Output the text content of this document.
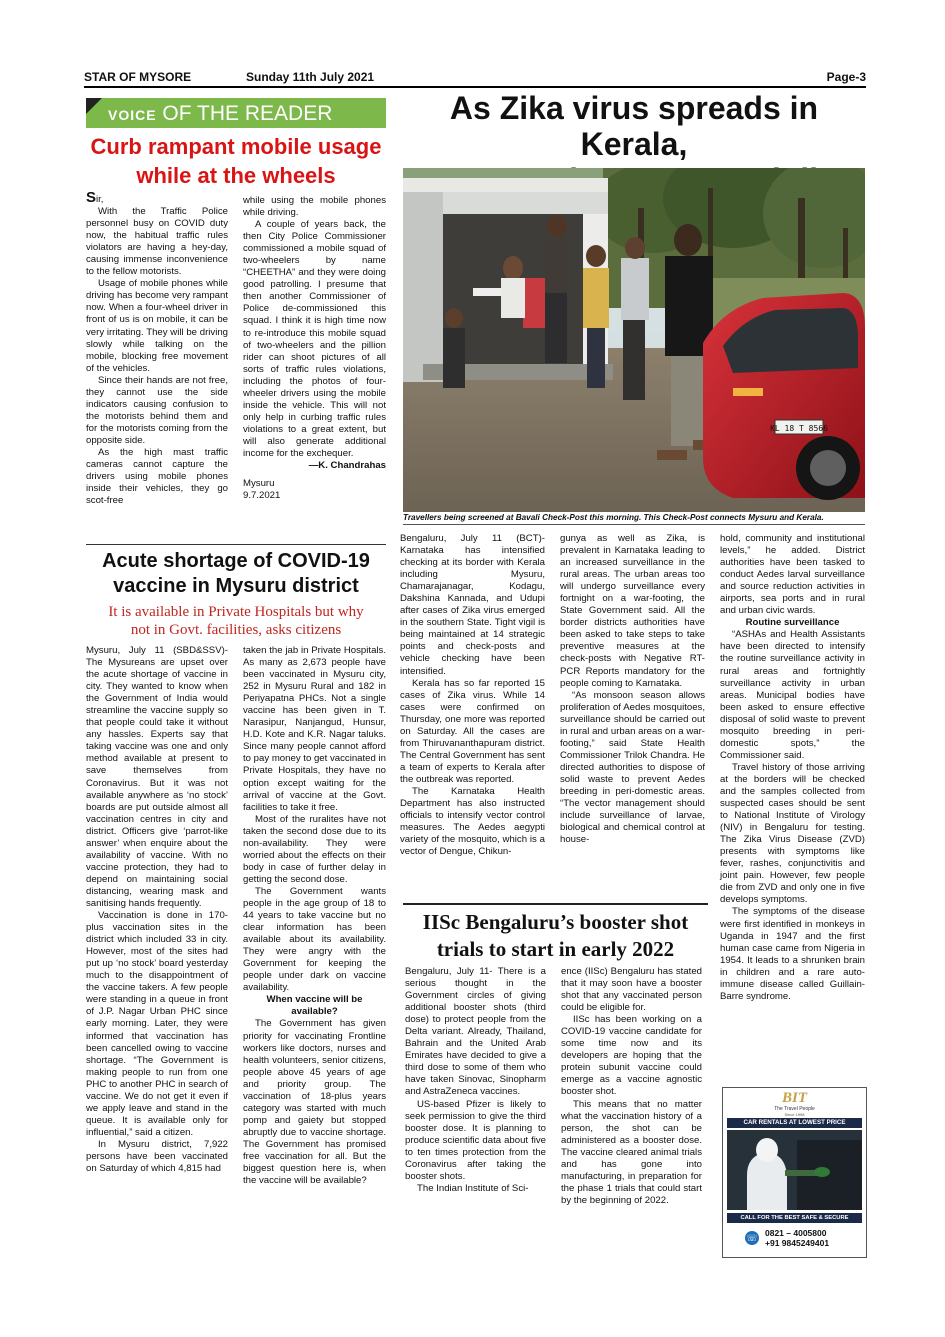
STAR OF MYSORE	Sunday 11th July 2021	Page-3
VOICE OF THE READER
Curb rampant mobile usage
while at the wheels

Sir,

With the Traffic Police personnel busy on COVID duty now, the habitual traffic rules violators are having a hey-day, causing immense inconvenience to the fellow motorists.

Usage of mobile phones while driving has become very rampant now. When a four-wheel driver in front of us is on mobile, it can be very irritating. They will be driving slowly while talking on the mobile, blocking free movement of the vehicles.

Since their hands are not free, they cannot use the side indicators causing confusion to the motorists behind them and for the motorists coming from the opposite side.

As the high mast traffic cameras cannot capture the drivers using mobile phones inside their vehicles, they go scot-free

while using the mobile phones while driving.

A couple of years back, the then City Police Commissioner commissioned a mobile squad of two-wheelers by name “CHEETHA” and they were doing good patrolling. I presume that then another Commissioner of Police de-commissioned this squad. I think it is high time now to re-introduce this mobile squad of two-wheelers and the pillion rider can shoot pictures of all sorts of traffic rules violations, including the photos of four-wheeler drivers using the mobile inside the vehicle. This will not only help in curbing traffic rules violations to a great extent, but will also generate additional income for the exchequer.

—K. Chandrahas

Mysuru

9.7.2021

Acute shortage of COVID-19
vaccine in Mysuru district
It is available in Private Hospitals but why
not in Govt. facilities, asks citizens

Mysuru, July 11 (SBD&SSV)- The Mysureans are upset over the acute shortage of vaccine in city. They wanted to know when the Government of India would streamline the vaccine supply so that people could take it without any hassles. Experts say that taking vaccine was one and only method available at present to save themselves from Coronavirus. But it was not available anywhere as ‘no stock’ boards are put outside almost all vaccination centres in city and district. Officers give ‘parrot-like answer’ when enquire about the availability of vaccine. With no vaccine protection, they had to depend on maintaining social distancing, wearing mask and sanitising hands frequently.

Vaccination is done in 170-plus vaccination sites in the district which included 33 in city. However, most of the sites had put up ‘no stock’ board yesterday much to the disappointment of the vaccine takers. A few people were standing in a queue in front of J.P. Nagar Urban PHC since early morning. Later, they were informed that vaccination has been cancelled owing to vaccine shortage. “The Government is making people to run from one PHC to another PHC in search of vaccine. We do not get it even if we apply leave and stand in the queue. It is available only for influential,” said a citizen.

In Mysuru district, 7,922 persons have been vaccinated on Saturday of which 4,815 had

taken the jab in Private Hospitals. As many as 2,673 people have been vaccinated in Mysuru city, 252 in Mysuru Rural and 182 in Periyapatna PHCs. Not a single vaccine has been given in T. Narasipur, Nanjangud, Hunsur, H.D. Kote and K.R. Nagar taluks. Since many people cannot afford to pay money to get vaccinated in Private Hospitals, they have no option except waiting for the arrival of vaccine at the Govt. facilities to take it free.

Most of the ruralites have not taken the second dose due to its non-availability. They were worried about the effects on their body in case of further delay in getting the second dose.

The Government wants people in the age group of 18 to 44 years to take vaccine but no clear information has been available about its availability. They were angry with the Government for keeping the people under dark on vaccine availability.

When vaccine will be available?

The Government has given priority for vaccinating Frontline workers like doctors, nurses and health volunteers, senior citizens, people above 45 years of age and priority group. The vaccination of 18-plus years category was started with much pomp and gaiety but stopped abruptly due to vaccine shortage. The Government has promised free vaccination for all. But the biggest question here is, when the vaccine will be available?

As Zika virus spreads in Kerala,
KL 18 T 8566
Travellers being screened at Bavali Check-Post this morning. This Check-Post connects Mysuru and Kerala.

Bengaluru, July 11 (BCT)- Karnataka has intensified checking at its border with Kerala including Mysuru, Chamarajanagar, Kodagu, Dakshina Kannada, and Udupi after cases of Zika virus emerged in the southern State. Tight vigil is being maintained at 14 strategic points and check-posts and vehicle checking have been intensified.

Kerala has so far reported 15 cases of Zika virus. While 14 cases were confirmed on Thursday, one more was reported on Saturday. All the cases are from Thiruvananthapuram district. The Central Government has sent a team of experts to Kerala after the outbreak was reported.

The Karnataka Health Department has also instructed officials to intensify vector control measures. The Aedes aegypti variety of the mosquito, which is a vector of Dengue, Chikun-

gunya as well as Zika, is prevalent in Karnataka leading to an increased surveillance in the rural areas. The urban areas too will undergo surveillance every fortnight on a war-footing, the State Government said. All the border districts authorities have been asked to take steps to take preventive measures at the check-posts with Negative RT-PCR Reports mandatory for the people coming to Karnataka.

“As monsoon season allows proliferation of Aedes mosquitoes, surveillance should be carried out in rural and urban areas on a war-footing,” said State Health Commissioner Trilok Chandra. He directed authorities to dispose of solid waste to prevent Aedes breeding in peri-domestic areas. “The vector management should include surveillance of larvae, biological and chemical control at house-

hold, community and institutional levels,” he added. District authorities have been tasked to conduct Aedes larval surveillance and source reduction activities in airports, sea ports and in rural and urban civic wards.

Routine surveillance

“ASHAs and Health Assistants have been directed to intensify the routine surveillance activity in rural areas and fortnightly surveillance activity in urban areas. Municipal bodies have been asked to ensure effective disposal of solid waste to prevent mosquito breeding in peri-domestic spots,” the Commissioner said.

Travel history of those arriving at the borders will be checked and the samples collected from suspected cases should be sent to National Institute of Virology (NIV) in Bengaluru for testing. The Zika Virus Disease (ZVD) presents with symptoms like fever, rashes, conjunctivitis and joint pain. However, few people die from ZVD and only one in five develops symptoms.

The symptoms of the disease were first identified in monkeys in Uganda in 1947 and the first human case came from Nigeria in 1954. It leads to a shrunken brain in children and a rare auto-immune disease called Guillain-Barre syndrome.

IISc Bengaluru’s booster shot
trials to start in early 2022

Bengaluru, July 11- There is a serious thought in the Government circles of giving additional booster shots (third dose) to protect people from the Delta variant. Already, Thailand, Bahrain and the United Arab Emirates have decided to give a third dose to some of them who have taken Sinovac, Sinopharm and AstraZeneca vaccines.

US-based Pfizer is likely to seek permission to give the third booster dose. It is planning to produce scientific data about five to ten times protection from the Coronavirus after taking the booster shots.

The Indian Institute of Sci-

ence (IISc) Bengaluru has stated that it may soon have a booster shot that any vaccinated person could be eligible for.

IISc has been working on a COVID-19 vaccine candidate for some time now and its developers are hoping that the protein subunit vaccine could emerge as a vaccine agnostic booster shot.

This means that no matter what the vaccination history of a person, the shot can be administered as a booster dose. The vaccine cleared animal trials and has gone into manufacturing, in preparation for the phase 1 trials that could start by the beginning of 2022.

BIT
The Travel People
Since 1998
CAR RENTALS AT LOWEST PRICE
CALL FOR THE BEST SAFE & SECURE
☏ 0821 – 4005800
+91 9845249401
